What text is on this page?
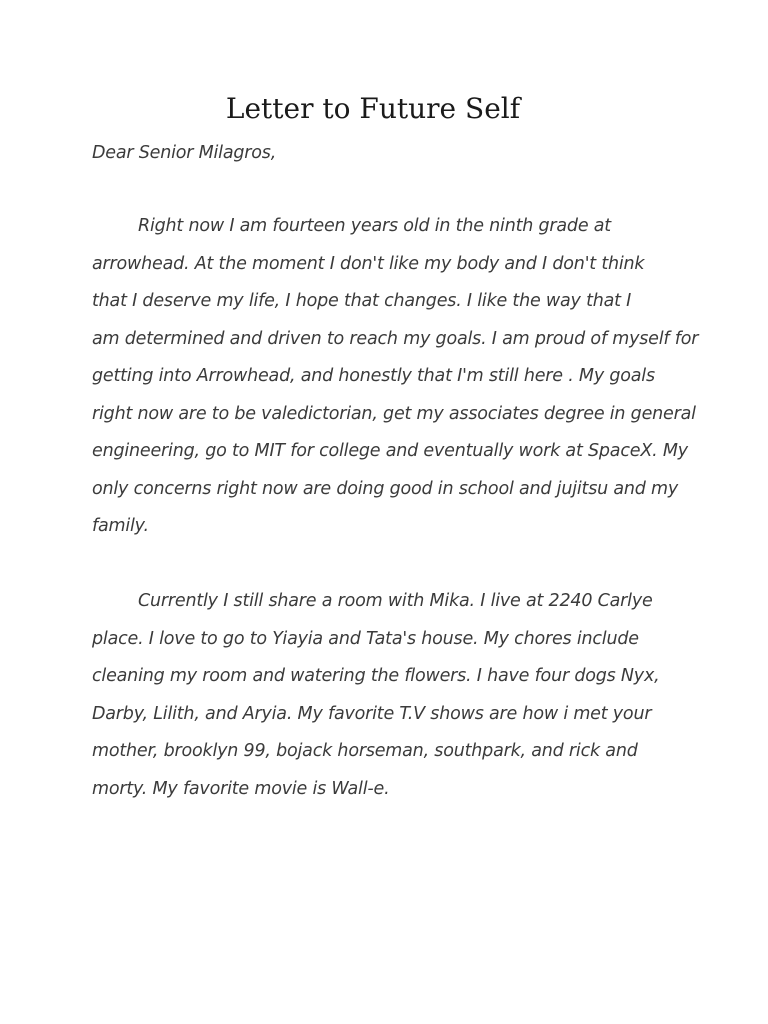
Letter to Future Self

Dear Senior Milagros,

Right now I am fourteen years old in the ninth grade at
arrowhead. At the moment I don't like my body and I don't think
that I deserve my life, I hope that changes. I like the way that I
am determined and driven to reach my goals. I am proud of myself for
getting into Arrowhead, and honestly that I'm still here . My goals
right now are to be valedictorian, get my associates degree in general
engineering, go to MIT for college and eventually work at SpaceX. My
only concerns right now are doing good in school and jujitsu and my
family.
Currently I still share a room with Mika. I live at 2240 Carlye
place. I love to go to Yiayia and Tata's house. My chores include
cleaning my room and watering the flowers. I have four dogs Nyx,
Darby, Lilith, and Aryia. My favorite T.V shows are how i met your
mother, brooklyn 99, bojack horseman, southpark, and rick and
morty. My favorite movie is Wall-e.
